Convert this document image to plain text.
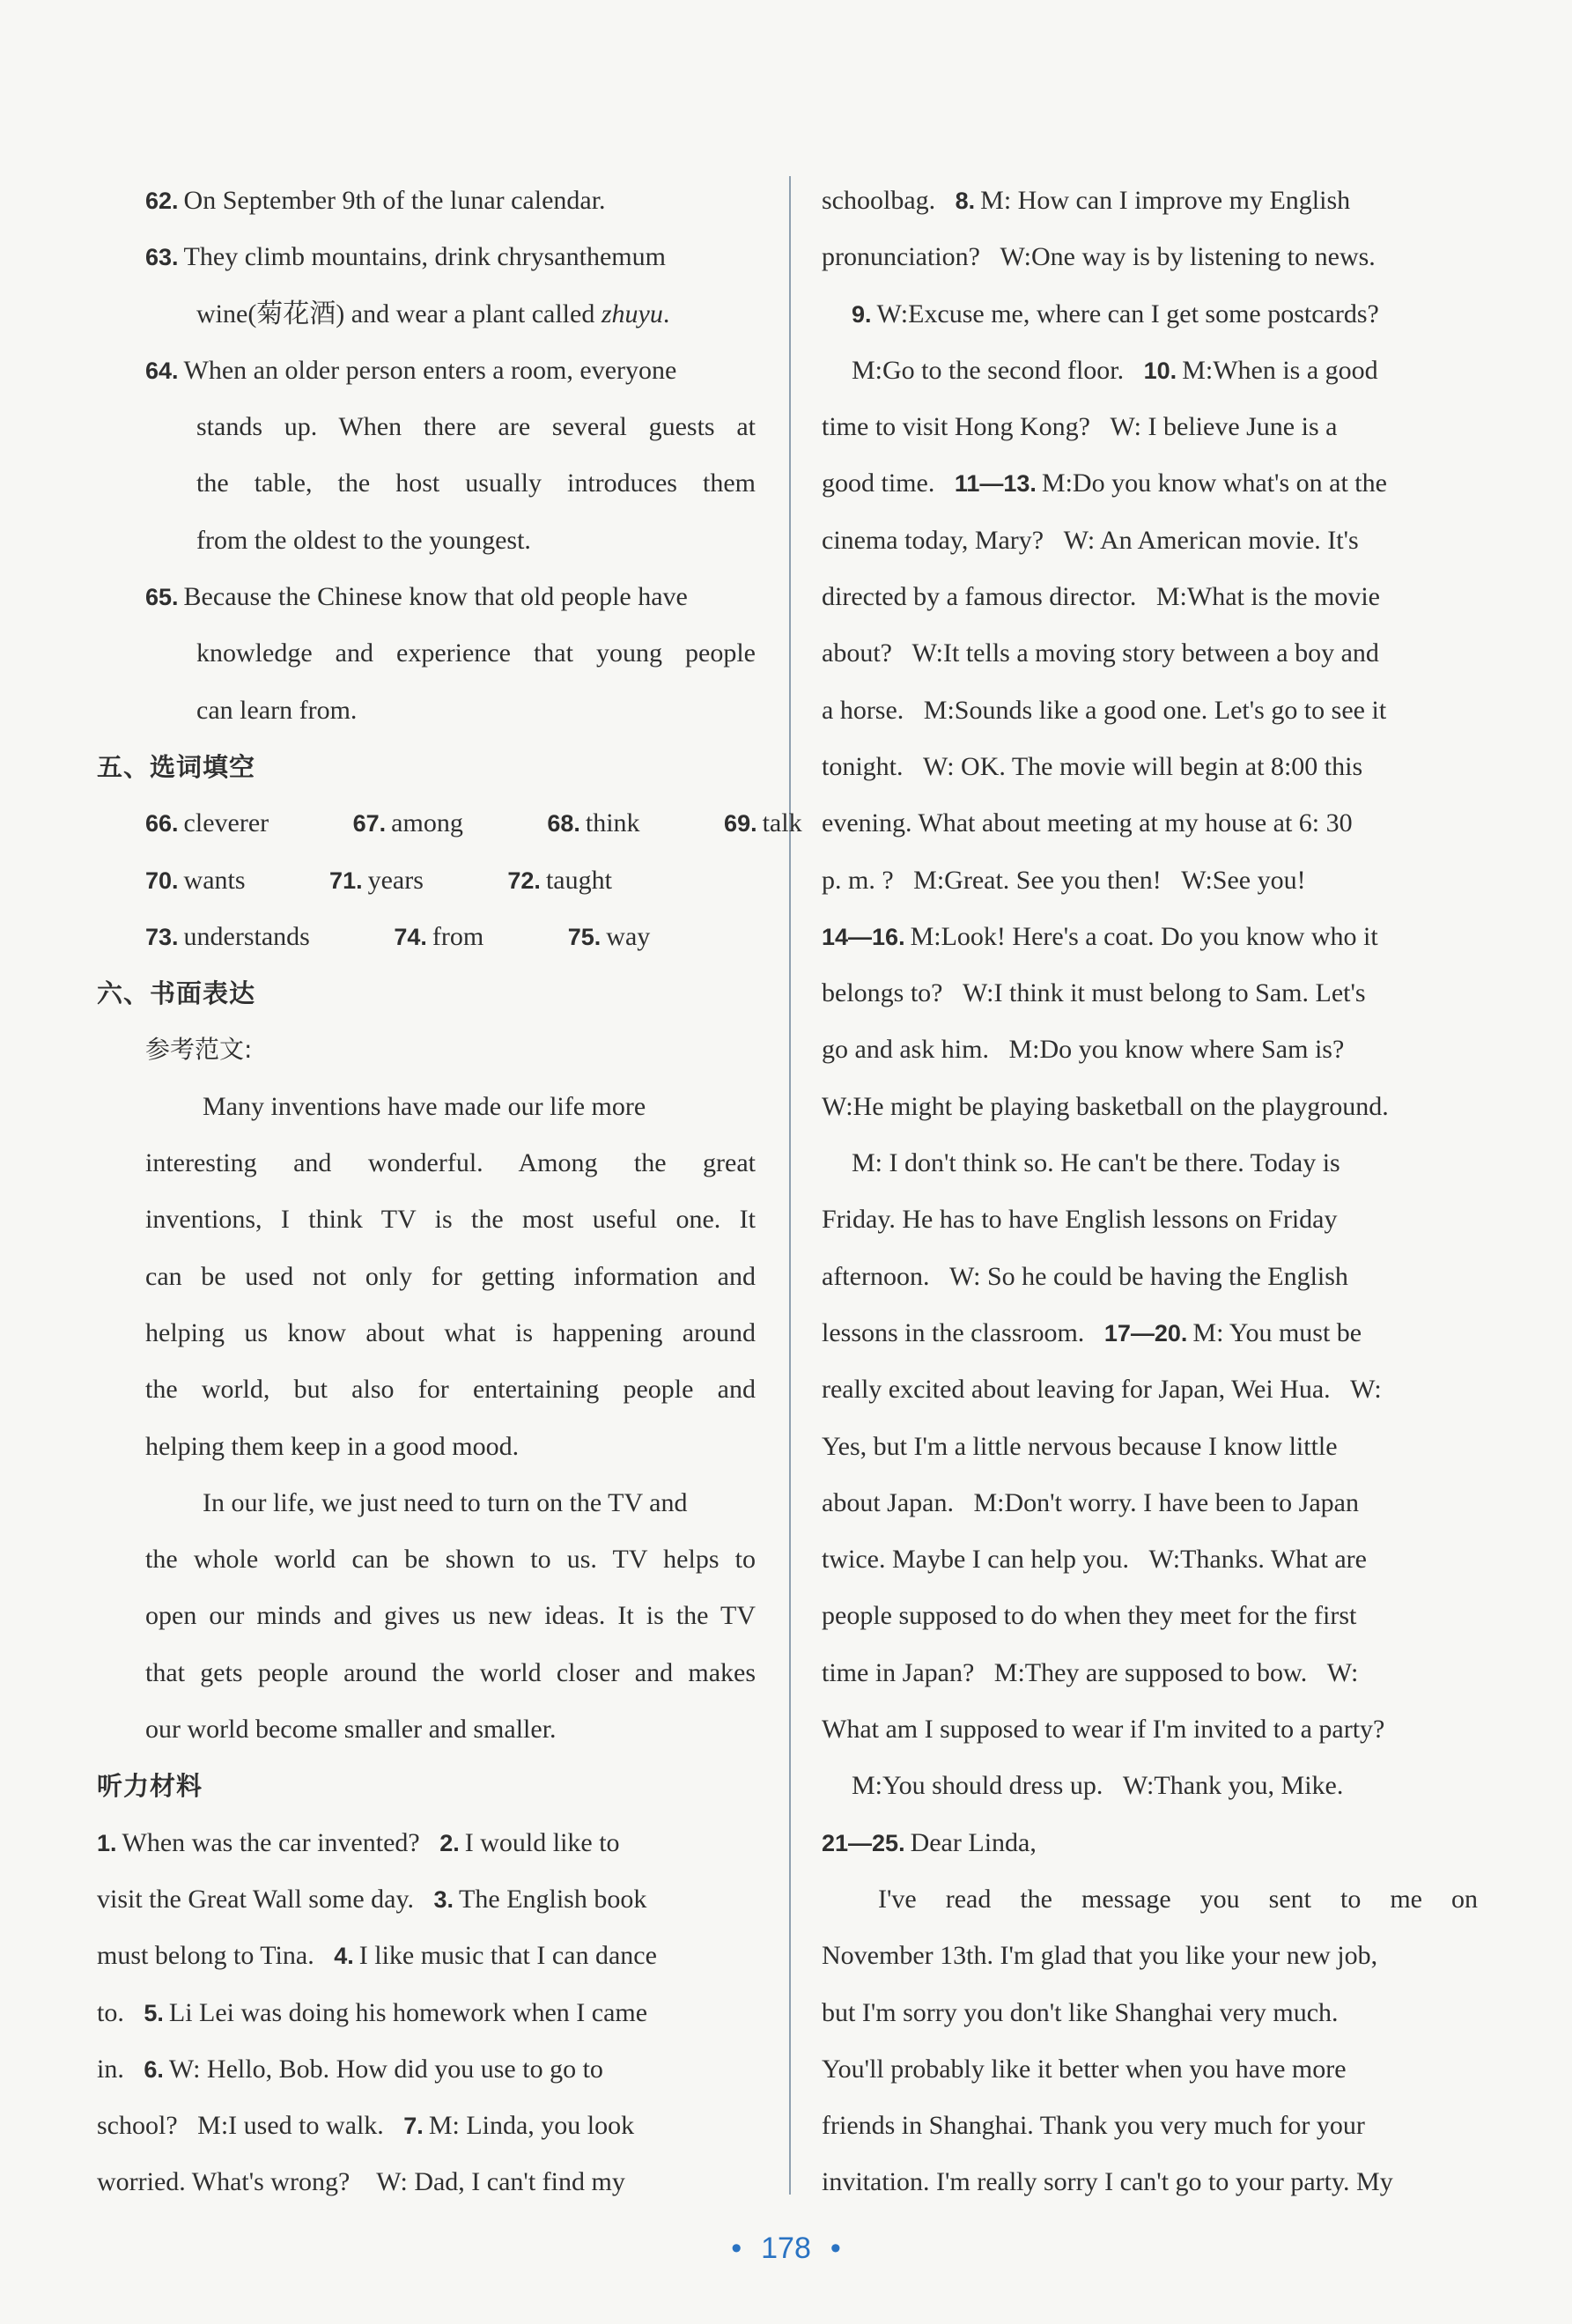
62. On September 9th of the lunar calendar.
63. They climb mountains, drink chrysanthemum
wine(菊花酒) and wear a plant called zhuyu.
64. When an older person enters a room, everyone
stands up. When there are several guests at
the table, the host usually introduces them
from the oldest to the youngest.
65. Because the Chinese know that old people have
knowledge and experience that young people
can learn from.
五、选词填空
66. cleverer	67. among	68. think	69. talk
70. wants	71. years	72. taught
73. understands	74. from	75. way
六、书面表达
参考范文:
Many inventions have made our life more
interesting and wonderful. Among the great
inventions, I think TV is the most useful one. It
can be used not only for getting information and
helping us know about what is happening around
the world, but also for entertaining people and
helping them keep in a good mood.
In our life, we just need to turn on the TV and
the whole world can be shown to us. TV helps to
open our minds and gives us new ideas. It is the TV
that gets people around the world closer and makes
our world become smaller and smaller.
听力材料
1. When was the car invented? 2. I would like to
visit the Great Wall some day. 3. The English book
must belong to Tina. 4. I like music that I can dance
to. 5. Li Lei was doing his homework when I came
in. 6. W: Hello, Bob. How did you use to go to
school? M:I used to walk. 7. M: Linda, you look
worried. What's wrong? W: Dad, I can't find my
schoolbag. 8. M: How can I improve my English
pronunciation? W:One way is by listening to news.
9. W:Excuse me, where can I get some postcards?
M:Go to the second floor. 10. M:When is a good
time to visit Hong Kong? W: I believe June is a
good time. 11—13. M:Do you know what's on at the
cinema today, Mary? W: An American movie. It's
directed by a famous director. M:What is the movie
about? W:It tells a moving story between a boy and
a horse. M:Sounds like a good one. Let's go to see it
tonight. W: OK. The movie will begin at 8:00 this
evening. What about meeting at my house at 6: 30
p. m. ? M:Great. See you then! W:See you!
14—16. M:Look! Here's a coat. Do you know who it
belongs to? W:I think it must belong to Sam. Let's
go and ask him. M:Do you know where Sam is?
W:He might be playing basketball on the playground.
M: I don't think so. He can't be there. Today is
Friday. He has to have English lessons on Friday
afternoon. W: So he could be having the English
lessons in the classroom. 17—20. M: You must be
really excited about leaving for Japan, Wei Hua. W:
Yes, but I'm a little nervous because I know little
about Japan. M:Don't worry. I have been to Japan
twice. Maybe I can help you. W:Thanks. What are
people supposed to do when they meet for the first
time in Japan? M:They are supposed to bow. W:
What am I supposed to wear if I'm invited to a party?
M:You should dress up. W:Thank you, Mike.
21—25. Dear Linda,
I've read the message you sent to me on
November 13th. I'm glad that you like your new job,
but I'm sorry you don't like Shanghai very much.
You'll probably like it better when you have more
friends in Shanghai. Thank you very much for your
invitation. I'm really sorry I can't go to your party. My
• 178 •
